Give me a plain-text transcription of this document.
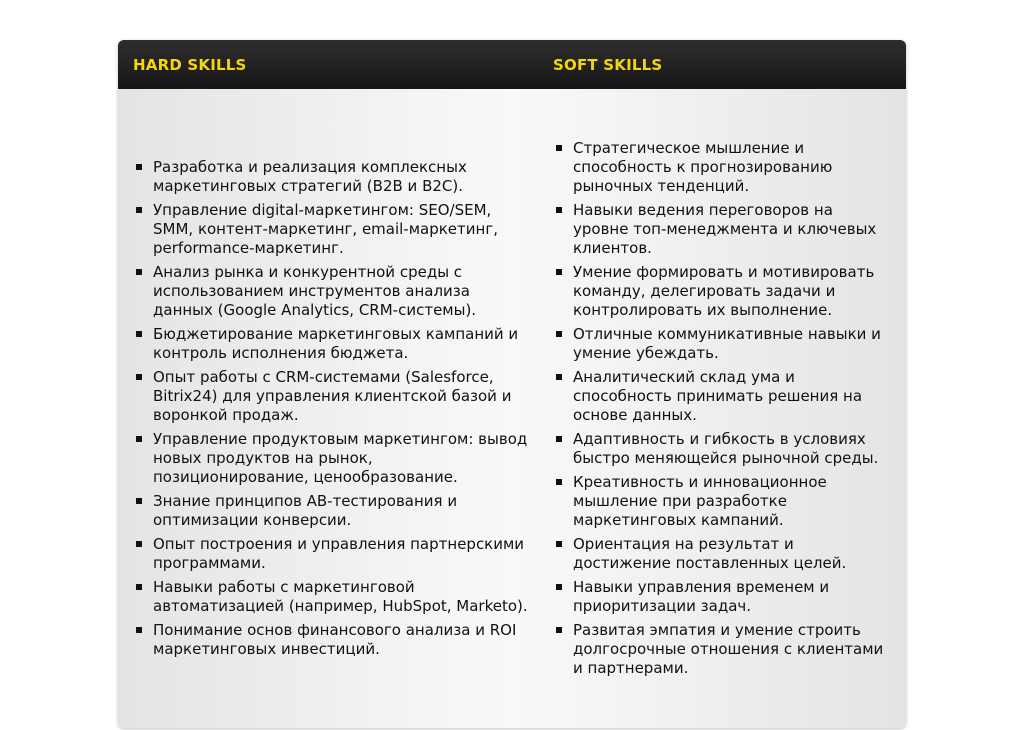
HARD SKILLS	SOFT SKILLS
Разработка и реализация комплексных маркетинговых стратегий (B2B и B2C).
Управление digital-маркетингом: SEO/SEM, SMM, контент-маркетинг, email-маркетинг, performance-маркетинг.
Анализ рынка и конкурентной среды с использованием инструментов анализа данных (Google Analytics, CRM-системы).
Бюджетирование маркетинговых кампаний и контроль исполнения бюджета.
Опыт работы с CRM-системами (Salesforce, Bitrix24) для управления клиентской базой и воронкой продаж.
Управление продуктовым маркетингом: вывод новых продуктов на рынок, позиционирование, ценообразование.
Знание принципов AB-тестирования и оптимизации конверсии.
Опыт построения и управления партнерскими программами.
Навыки работы с маркетинговой автоматизацией (например, HubSpot, Marketo).
Понимание основ финансового анализа и ROI маркетинговых инвестиций.
Стратегическое мышление и способность к прогнозированию рыночных тенденций.
Навыки ведения переговоров на уровне топ-менеджмента и ключевых клиентов.
Умение формировать и мотивировать команду, делегировать задачи и контролировать их выполнение.
Отличные коммуникативные навыки и умение убеждать.
Аналитический склад ума и способность принимать решения на основе данных.
Адаптивность и гибкость в условиях быстро меняющейся рыночной среды.
Креативность и инновационное мышление при разработке маркетинговых кампаний.
Ориентация на результат и достижение поставленных целей.
Навыки управления временем и приоритизации задач.
Развитая эмпатия и умение строить долгосрочные отношения с клиентами и партнерами.
